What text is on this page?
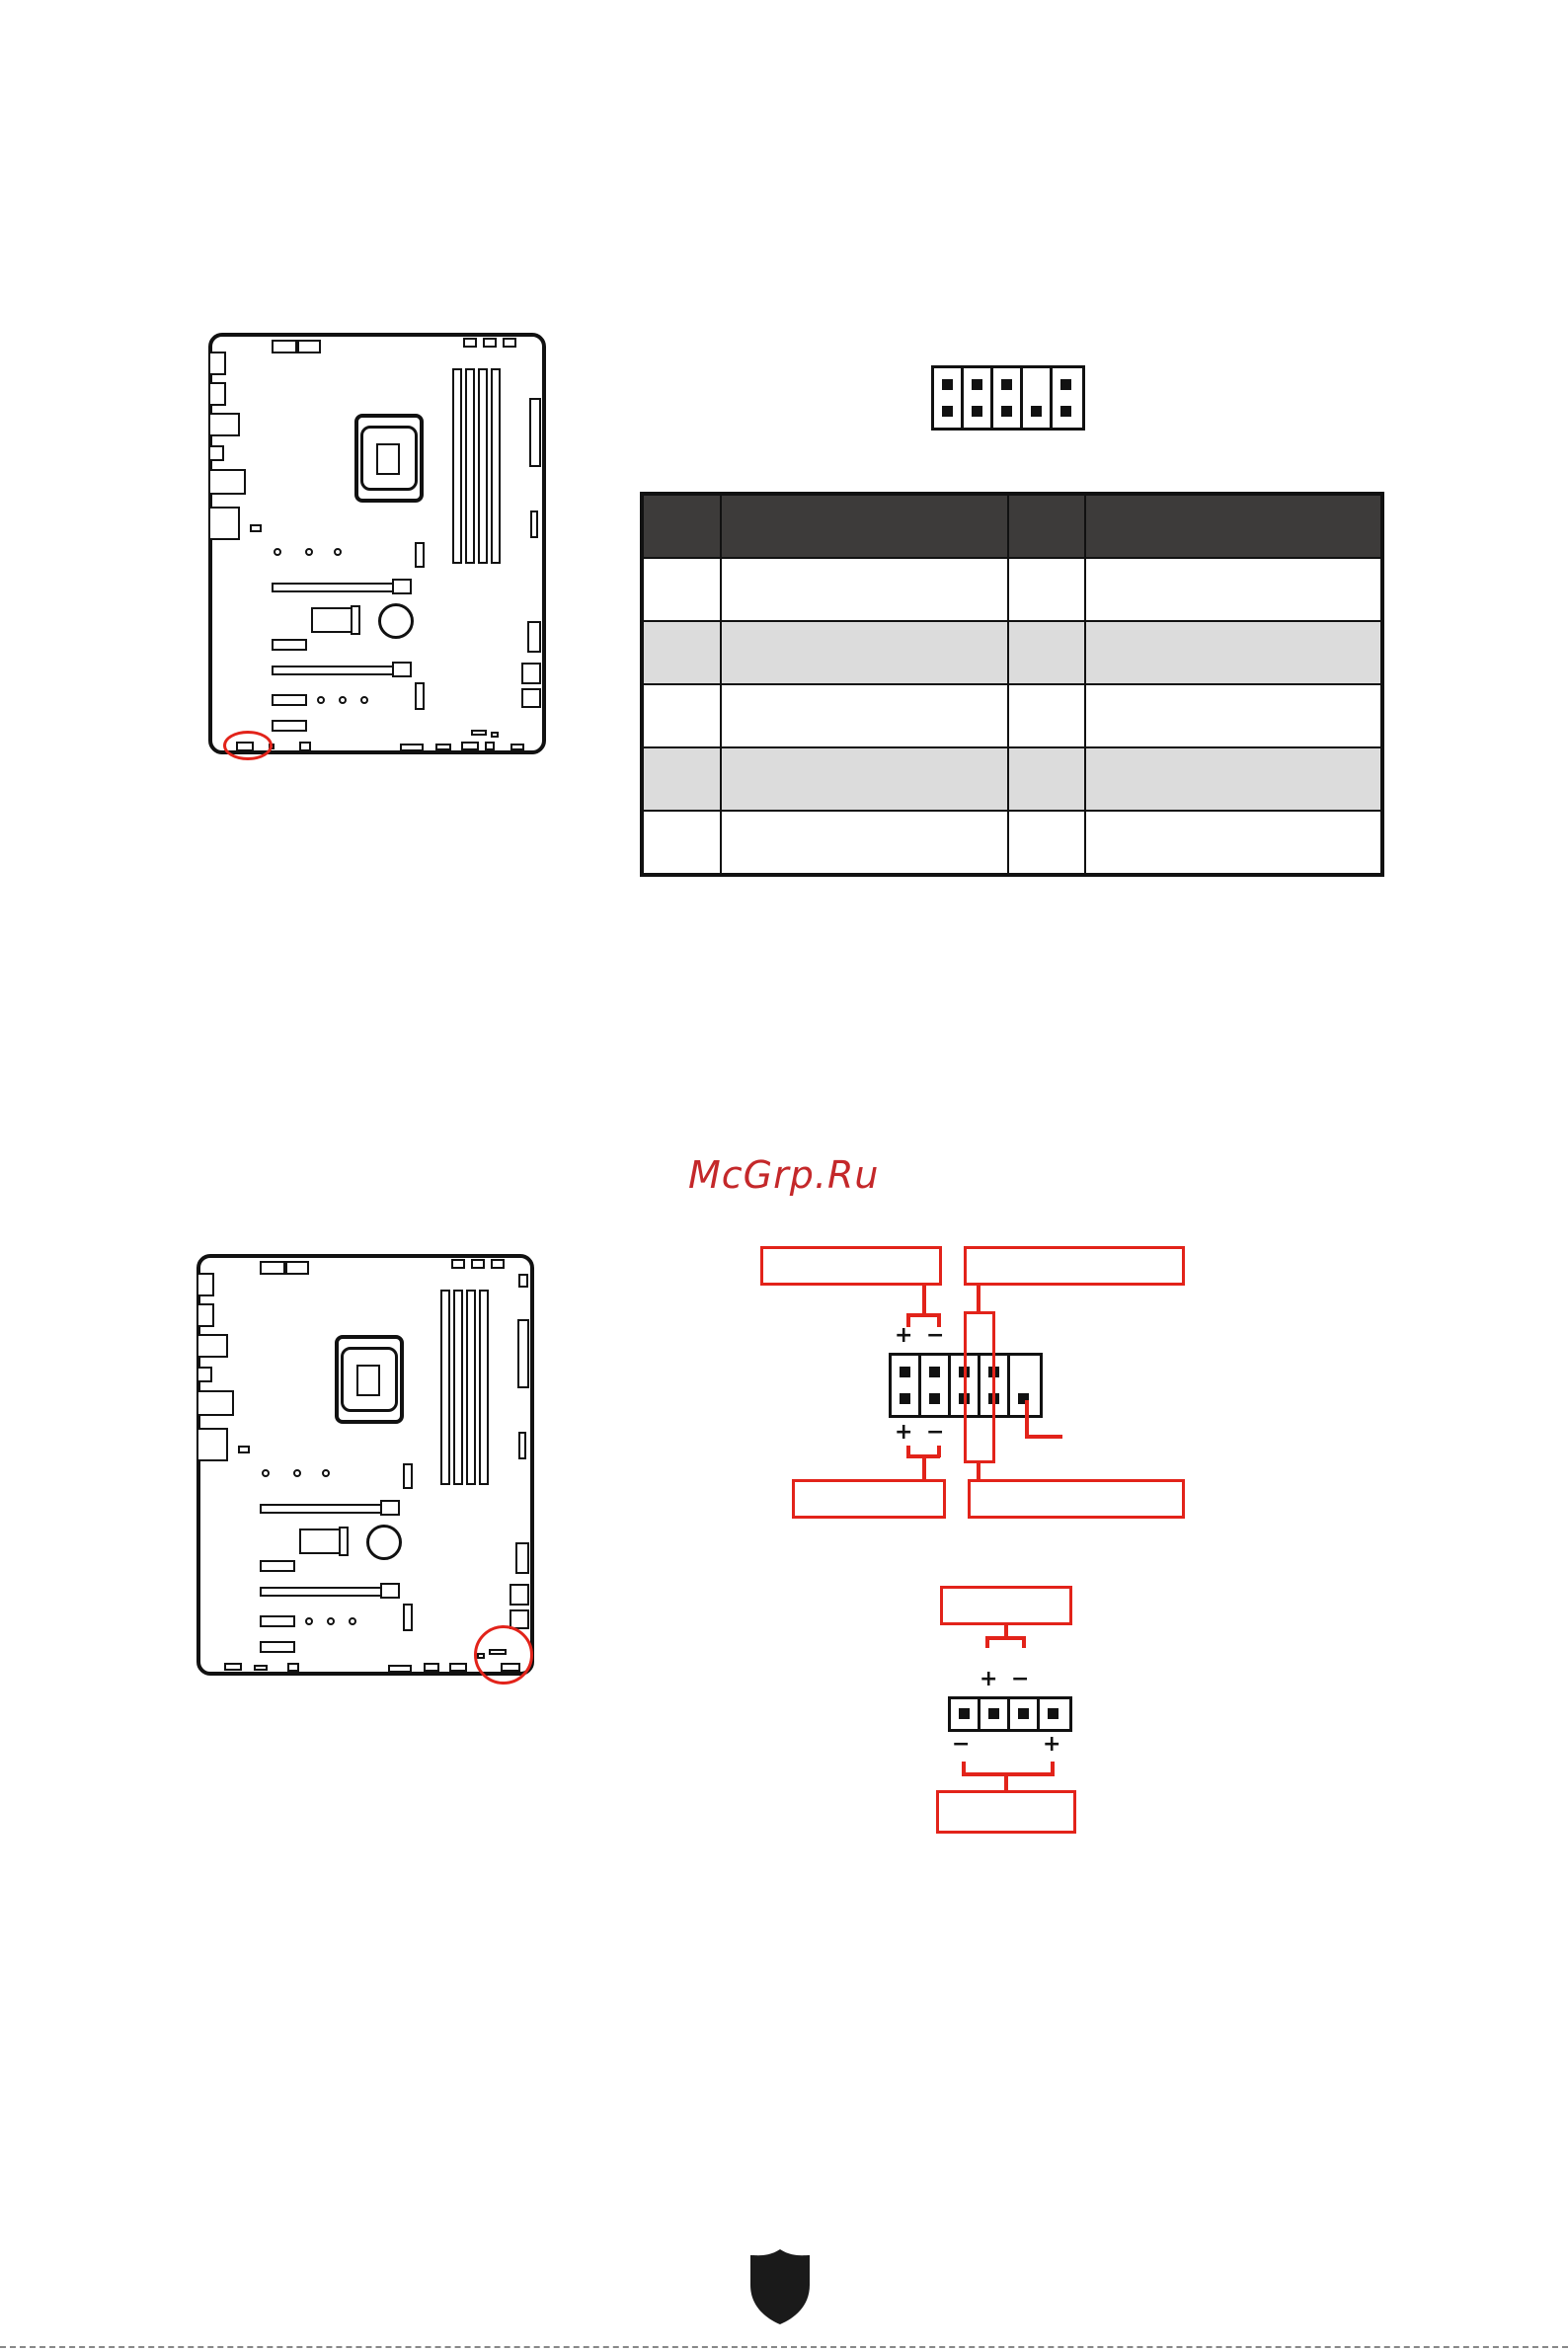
McGrp.Ru
+ −
+ −
+ −
−	+
